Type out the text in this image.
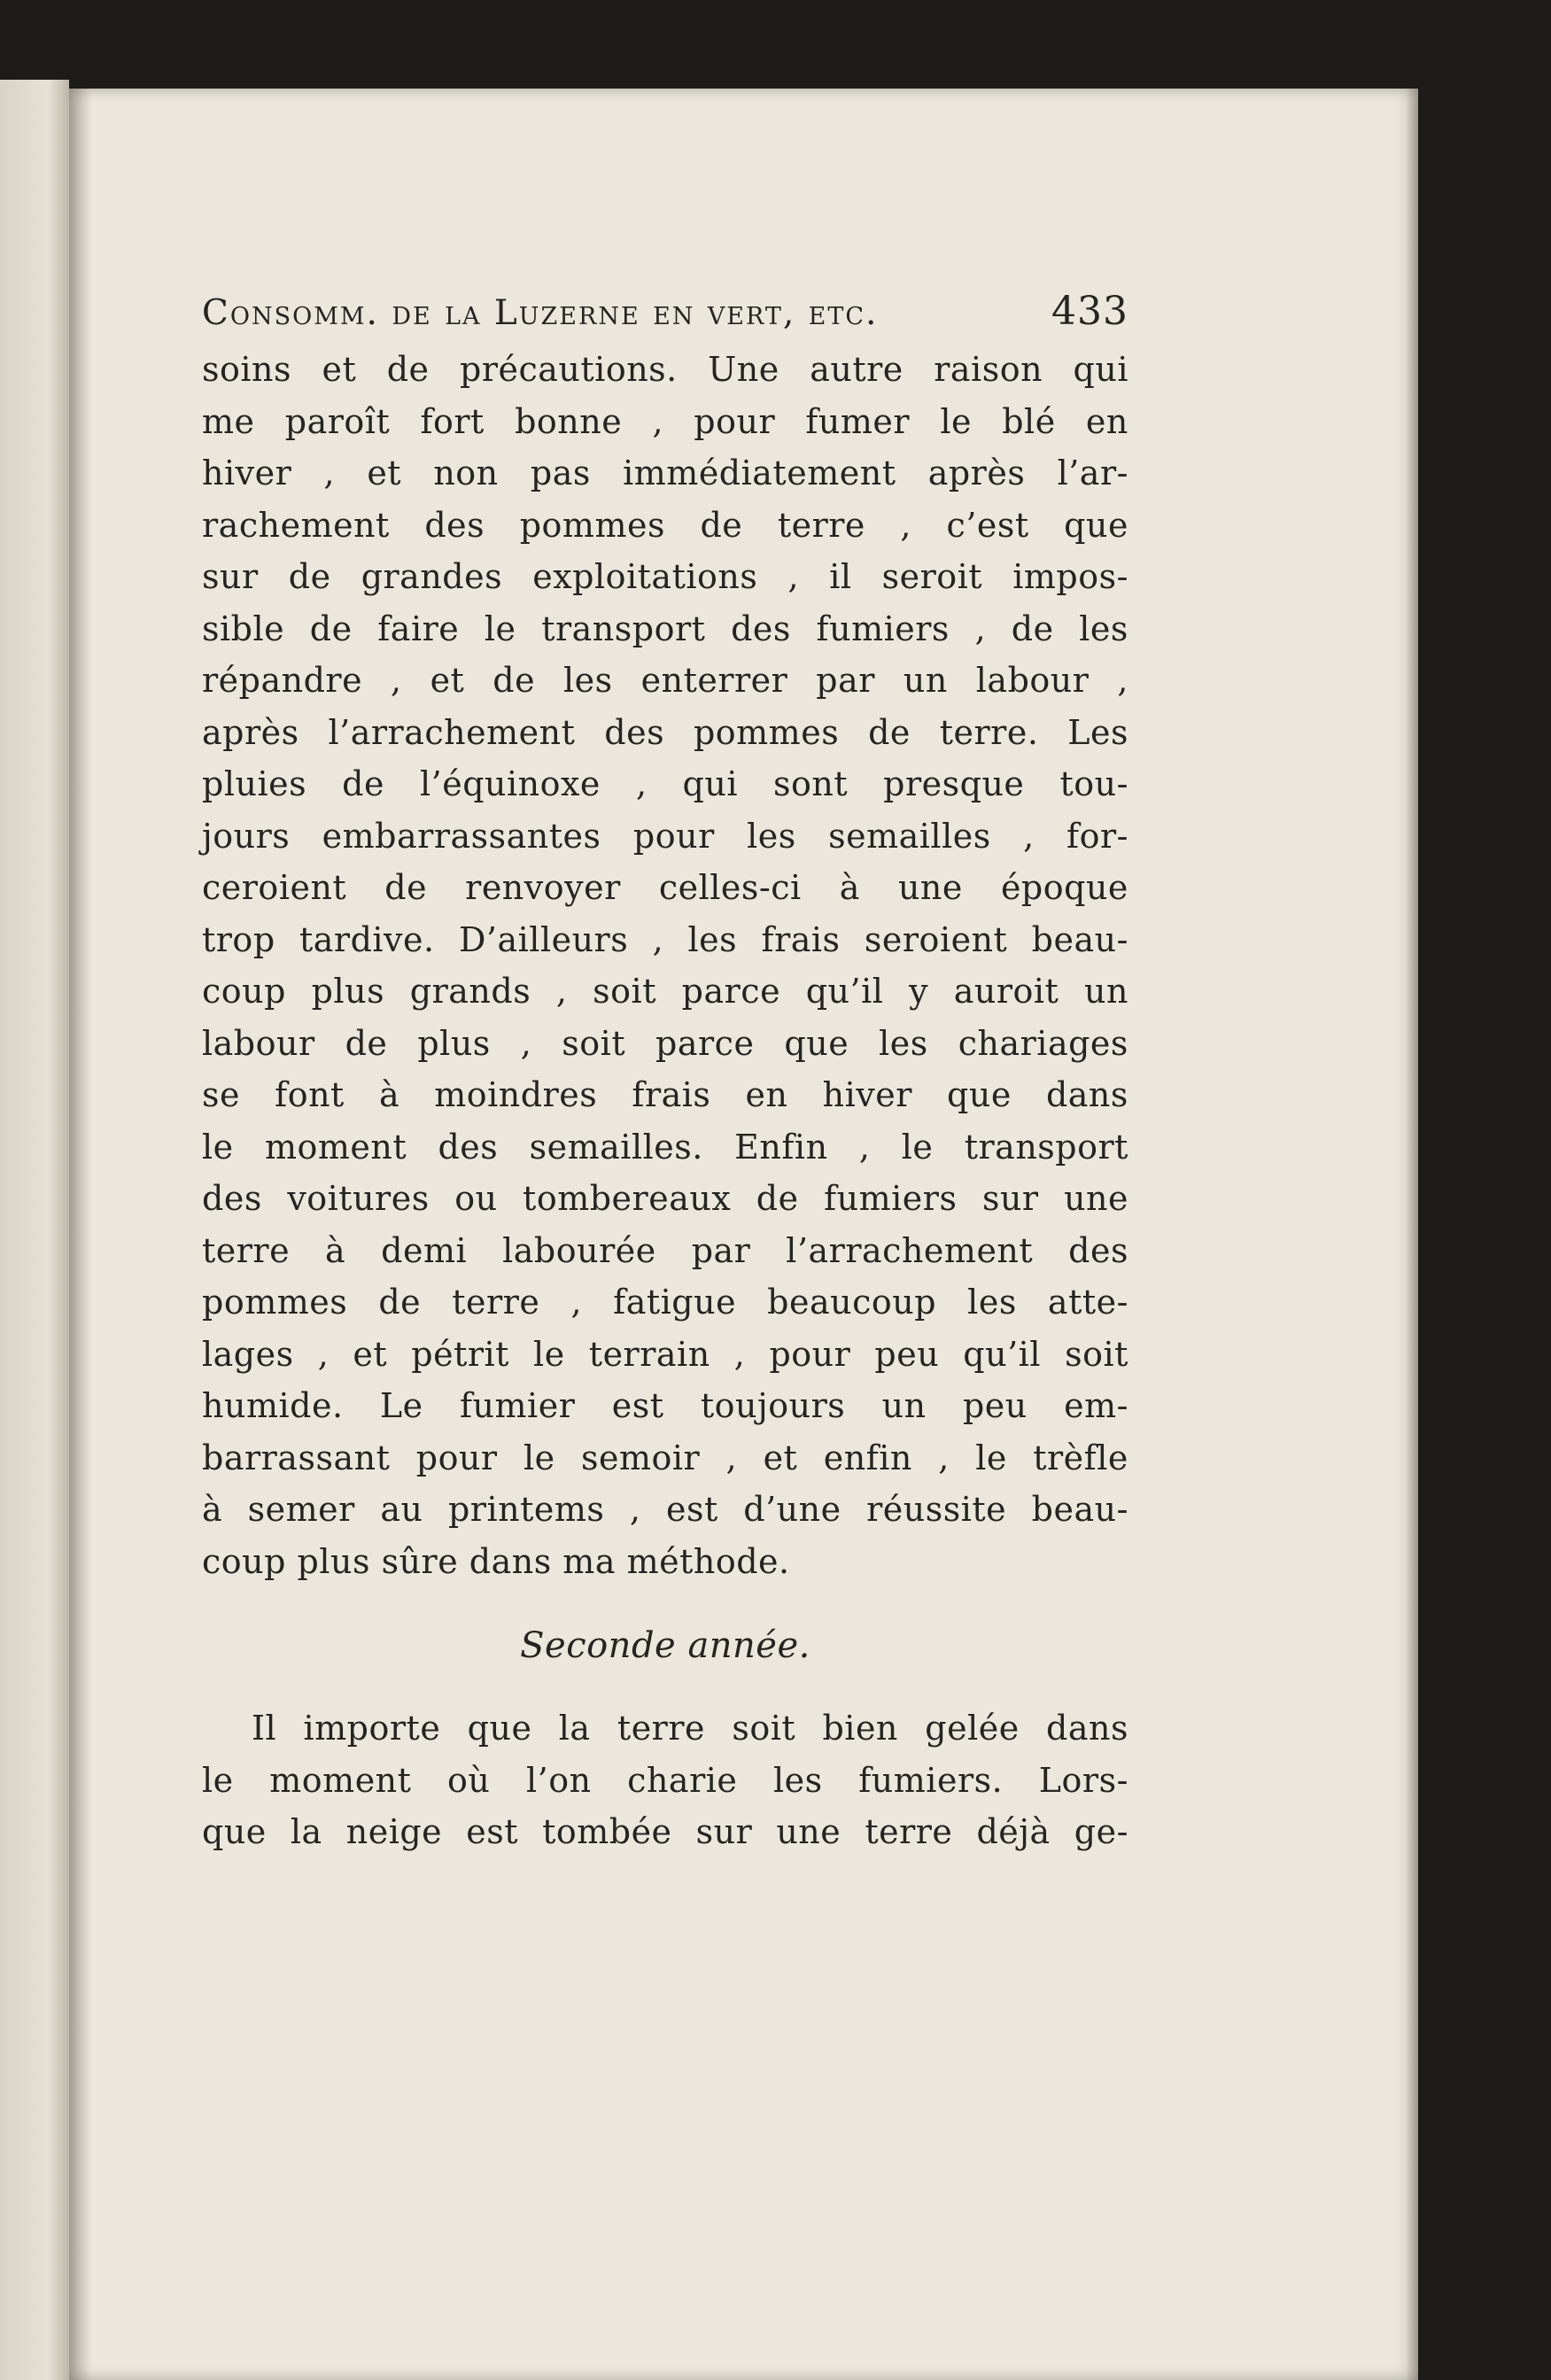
Consomm. de la Luzerne en vert, etc.	433
soins et de précautions. Une autre raison qui
me paroît fort bonne , pour fumer le blé en
hiver , et non pas immédiatement après l’ar-
rachement des pommes de terre , c’est que
sur de grandes exploitations , il seroit impos-
sible de faire le transport des fumiers , de les
répandre , et de les enterrer par un labour ,
après l’arrachement des pommes de terre. Les
pluies de l’équinoxe , qui sont presque tou-
jours embarrassantes pour les semailles , for-
ceroient de renvoyer celles-ci à une époque
trop tardive. D’ailleurs , les frais seroient beau-
coup plus grands , soit parce qu’il y auroit un
labour de plus , soit parce que les chariages
se font à moindres frais en hiver que dans
le moment des semailles. Enfin , le transport
des voitures ou tombereaux de fumiers sur une
terre à demi labourée par l’arrachement des
pommes de terre , fatigue beaucoup les atte-
lages , et pétrit le terrain , pour peu qu’il soit
humide. Le fumier est toujours un peu em-
barrassant pour le semoir , et enfin , le trèfle
à semer au printems , est d’une réussite beau-
coup plus sûre dans ma méthode.
Seconde année.
Il importe que la terre soit bien gelée dans
le moment où l’on charie les fumiers. Lors-
que la neige est tombée sur une terre déjà ge-
